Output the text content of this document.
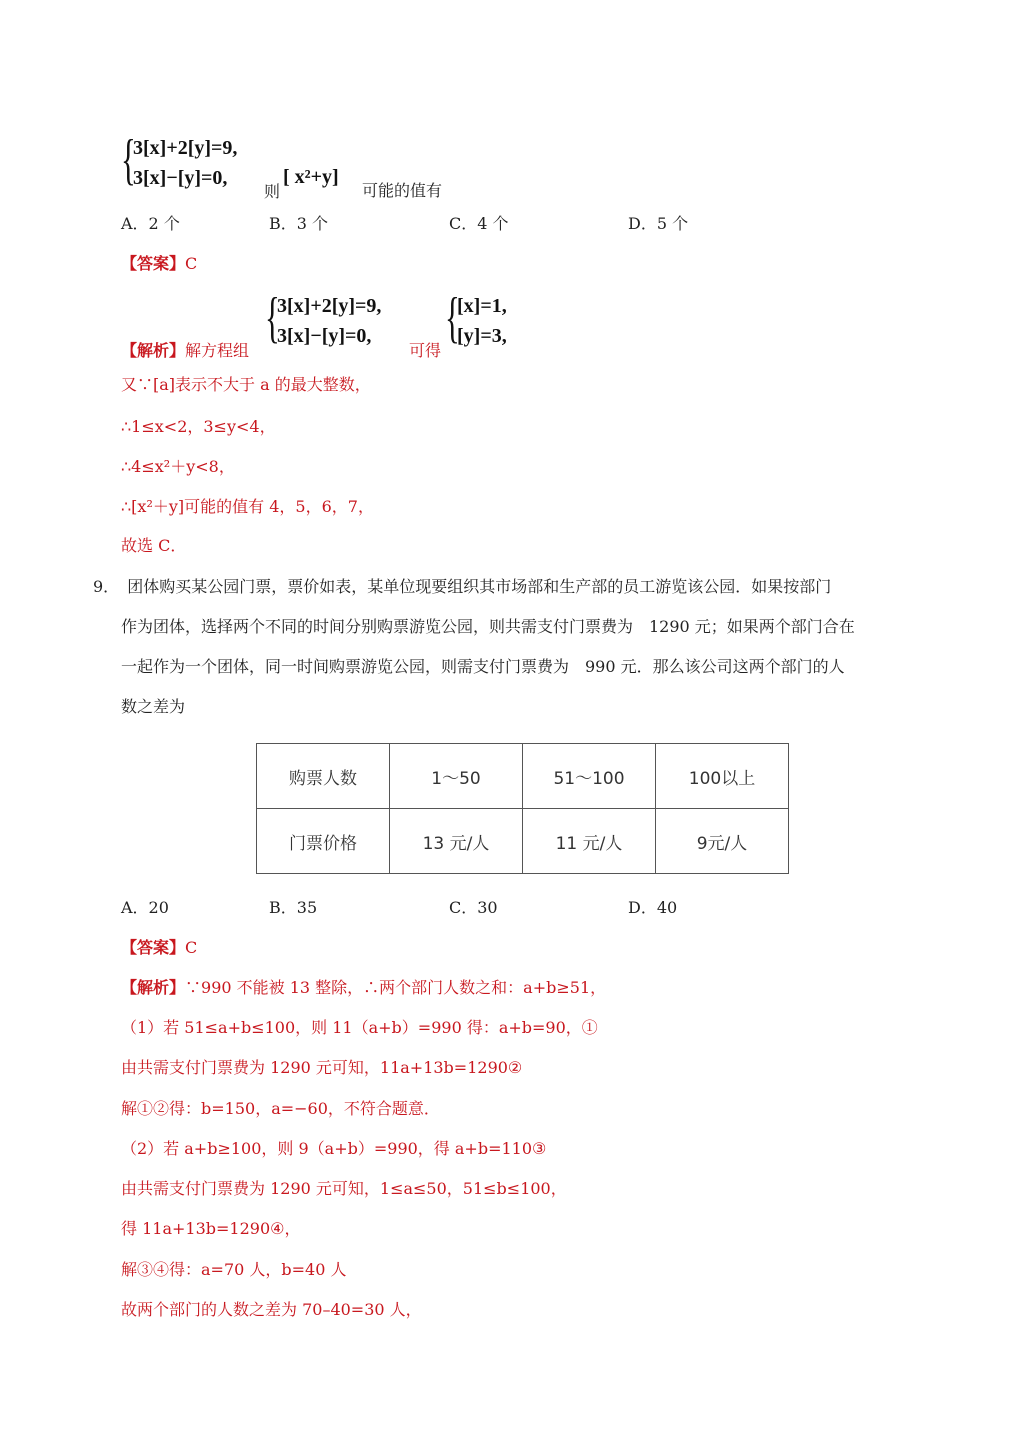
{
3[x]+2[y]=9,
3[x]−[y]=0,
则
[ x²+y]
可能的值有
A．2 个	B．3 个	C．4 个	D．5 个
【答案】C
【解析】解方程组
{
3[x]+2[y]=9,
3[x]−[y]=0,
可得
{
[x]=1,
[y]=3,
又∵[a]表示不大于 a 的最大整数，
∴1≤x<2，3≤y<4，
∴4≤x²＋y<8，
∴[x²＋y]可能的值有 4，5，6，7，
故选 C．
9． 团体购买某公园门票，票价如表，某单位现要组织其市场部和生产部的员工游览该公园．如果按部门
作为团体，选择两个不同的时间分别购票游览公园，则共需支付门票费为　1290 元；如果两个部门合在
一起作为一个团体，同一时间购票游览公园，则需支付门票费为　990 元．那么该公司这两个部门的人
数之差为
购票人数	1～50	51～100	100以上
门票价格	13 元/人	11 元/人	9元/人
A．20	B．35	C．30	D．40
【答案】C
【解析】∵990 不能被 13 整除，∴两个部门人数之和：a+b≥51，
（1）若 51≤a+b≤100，则 11（a+b）=990 得：a+b=90，①
由共需支付门票费为 1290 元可知，11a+13b=1290②
解①②得：b=150，a=−60，不符合题意．
（2）若 a+b≥100，则 9（a+b）=990，得 a+b=110③
由共需支付门票费为 1290 元可知，1≤a≤50，51≤b≤100，
得 11a+13b=1290④，
解③④得：a=70 人，b=40 人
故两个部门的人数之差为 70–40=30 人，
